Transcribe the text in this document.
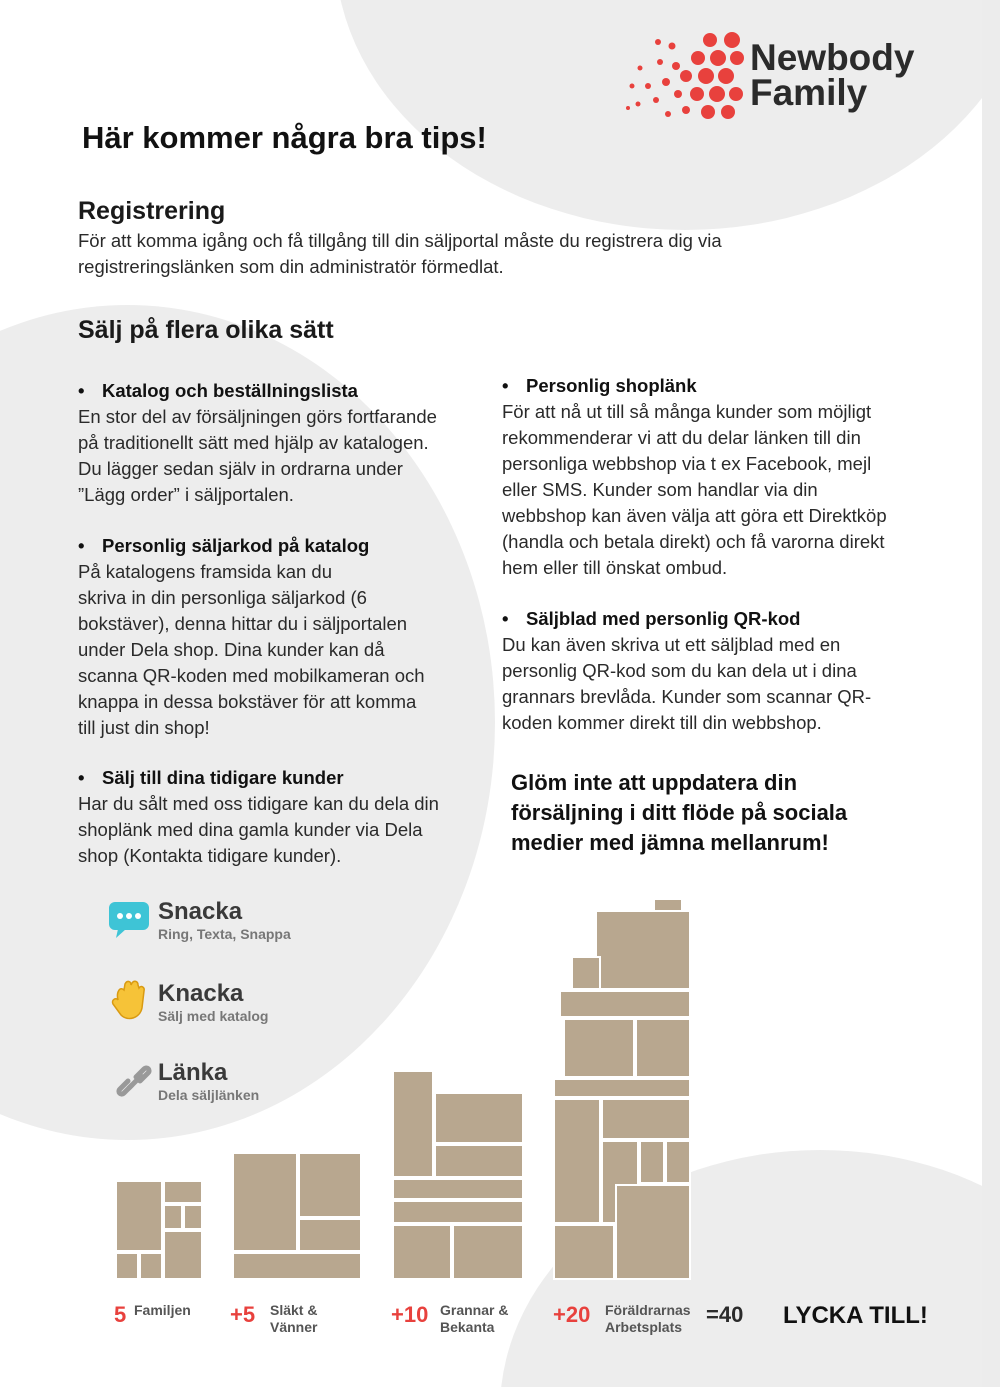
Newbody
Family
Här kommer några bra tips!
Registrering
För att komma igång och få tillgång till din säljportal måste du registrera dig via
registreringslänken som din administratör förmedlat.
Sälj på flera olika sätt
• Katalog och beställningslista
En stor del av försäljningen görs fortfarande
på traditionellt sätt med hjälp av katalogen.
Du lägger sedan själv in ordrarna under
”Lägg order” i säljportalen.
• Personlig säljarkod på katalog
På katalogens framsida kan du
skriva in din personliga säljarkod (6
bokstäver), denna hittar du i säljportalen
under Dela shop. Dina kunder kan då
scanna QR-koden med mobilkameran och
knappa in dessa bokstäver för att komma
till just din shop!
• Sälj till dina tidigare kunder
Har du sålt med oss tidigare kan du dela din
shoplänk med dina gamla kunder via Dela
shop (Kontakta tidigare kunder).
• Personlig shoplänk
För att nå ut till så många kunder som möjligt
rekommenderar vi att du delar länken till din
personliga webbshop via t ex Facebook, mejl
eller SMS. Kunder som handlar via din
webbshop kan även välja att göra ett Direktköp
(handla och betala direkt) och få varorna direkt
hem eller till önskat ombud.
• Säljblad med personlig QR-kod
Du kan även skriva ut ett säljblad med en
personlig QR-kod som du kan dela ut i dina
grannars brevlåda. Kunder som scannar QR-
koden kommer direkt till din webbshop.
Glöm inte att uppdatera din
försäljning i ditt flöde på sociala
medier med jämna mellanrum!
Snacka
Ring, Texta, Snappa
Knacka
Sälj med katalog
Länka
Dela säljlänken
5 Familjen +5 Släkt &
Vänner	+10 Grannar &
Bekanta	+20 Föräldrarnas
Arbetsplats	=40 LYCKA TILL!
